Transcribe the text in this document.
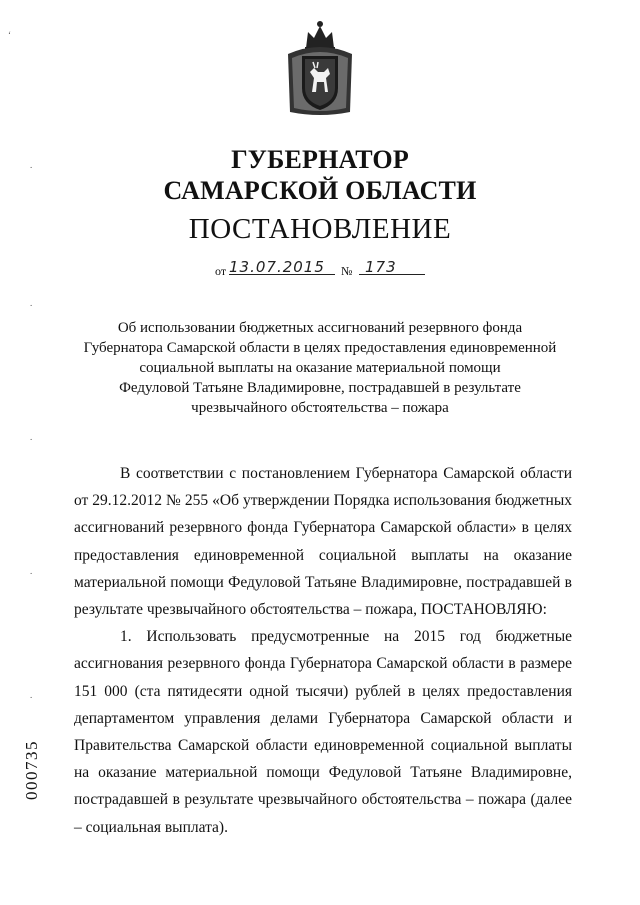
ГУБЕРНАТОР
САМАРСКОЙ ОБЛАСТИ
ПОСТАНОВЛЕНИЕ
от 13.07.2015 № 173
Об использовании бюджетных ассигнований резервного фонда
Губернатора Самарской области в целях предоставления единовременной
социальной выплаты на оказание материальной помощи
Федуловой Татьяне Владимировне, пострадавшей в результате
чрезвычайного обстоятельства – пожара

В соответствии с постановлением Губернатора Самарской области от 29.12.2012 № 255 «Об утверждении Порядка использования бюджетных ассигнований резервного фонда Губернатора Самарской области» в целях предоставления единовременной социальной выплаты на оказание материальной помощи Федуловой Татьяне Владимировне, пострадавшей в результате чрезвычайного обстоятельства – пожара, ПОСТАНОВЛЯЮ:

1. Использовать предусмотренные на 2015 год бюджетные ассигнования резервного фонда Губернатора Самарской области в размере 151 000 (ста пятидесяти одной тысячи) рублей в целях предоставления департаментом управления делами Губернатора Самарской области и Правительства Самарской области единовременной социальной выплаты на оказание материальной помощи Федуловой Татьяне Владимировне, пострадавшей в результате чрезвычайного обстоятельства – пожара (далее – социальная выплата).

000735
‘
.
.
.
.
.
